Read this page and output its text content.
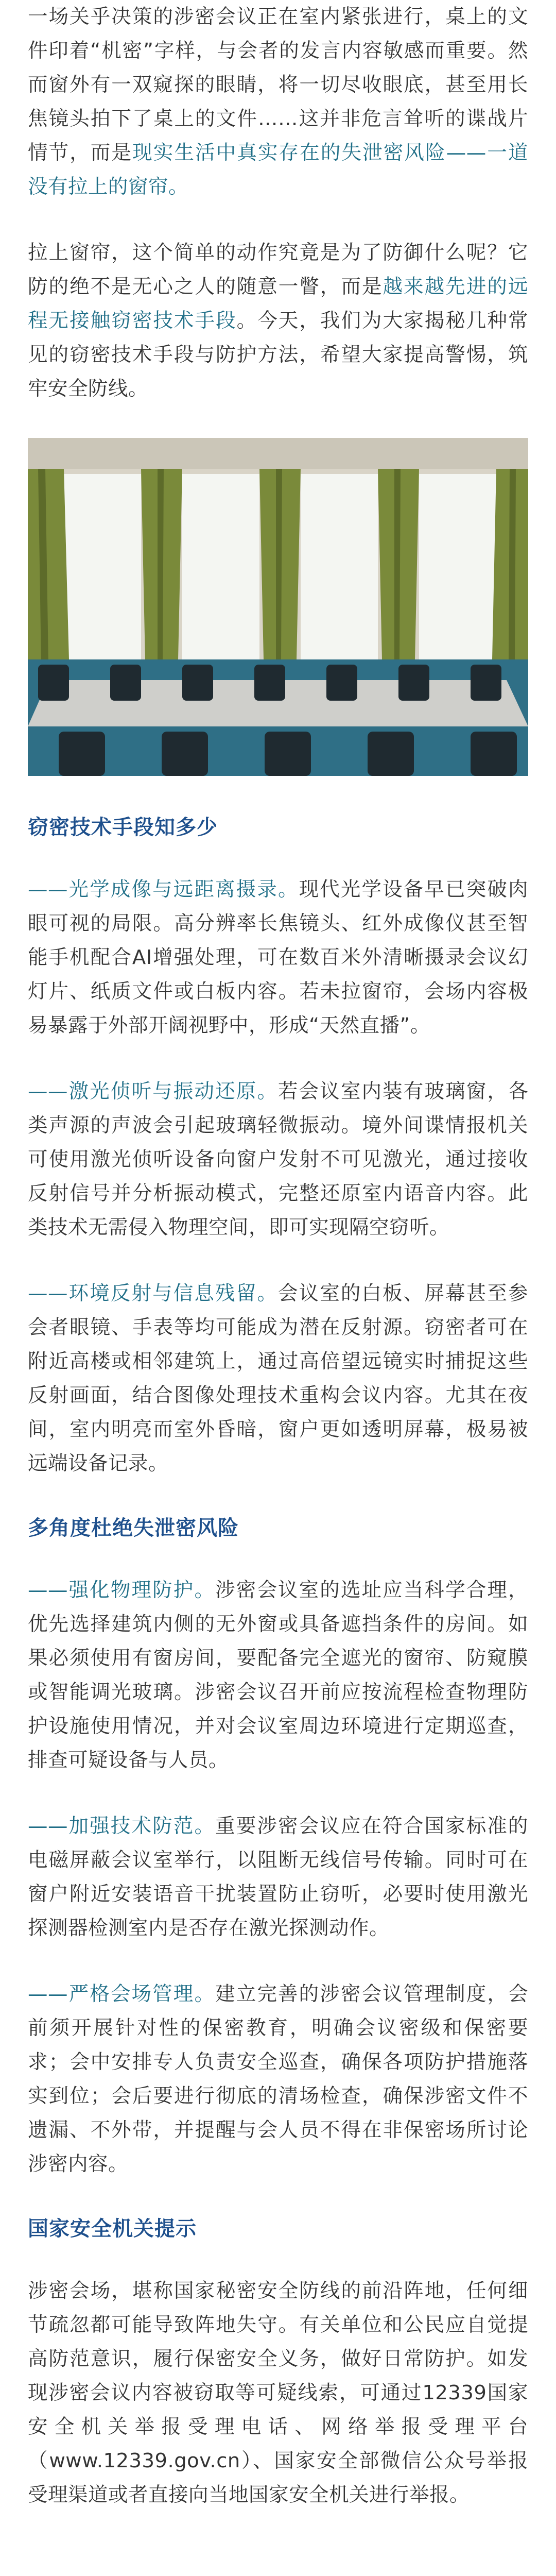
一场关乎决策的涉密会议正在室内紧张进行，桌上的文件印着“机密”字样，与会者的发言内容敏感而重要。然而窗外有一双窥探的眼睛，将一切尽收眼底，甚至用长焦镜头拍下了桌上的文件……这并非危言耸听的谍战片情节，而是现实生活中真实存在的失泄密风险——一道没有拉上的窗帘。

拉上窗帘，这个简单的动作究竟是为了防御什么呢？它防的绝不是无心之人的随意一瞥，而是越来越先进的远程无接触窃密技术手段。今天，我们为大家揭秘几种常见的窃密技术手段与防护方法，希望大家提高警惕，筑牢安全防线。

窃密技术手段知多少

——光学成像与远距离摄录。现代光学设备早已突破肉眼可视的局限。高分辨率长焦镜头、红外成像仪甚至智能手机配合AI增强处理，可在数百米外清晰摄录会议幻灯片、纸质文件或白板内容。若未拉窗帘，会场内容极易暴露于外部开阔视野中，形成“天然直播”。

——激光侦听与振动还原。若会议室内装有玻璃窗，各类声源的声波会引起玻璃轻微振动。境外间谍情报机关可使用激光侦听设备向窗户发射不可见激光，通过接收反射信号并分析振动模式，完整还原室内语音内容。此类技术无需侵入物理空间，即可实现隔空窃听。

——环境反射与信息残留。会议室的白板、屏幕甚至参会者眼镜、手表等均可能成为潜在反射源。窃密者可在附近高楼或相邻建筑上，通过高倍望远镜实时捕捉这些反射画面，结合图像处理技术重构会议内容。尤其在夜间，室内明亮而室外昏暗，窗户更如透明屏幕，极易被远端设备记录。

多角度杜绝失泄密风险

——强化物理防护。涉密会议室的选址应当科学合理，优先选择建筑内侧的无外窗或具备遮挡条件的房间。如果必须使用有窗房间，要配备完全遮光的窗帘、防窥膜或智能调光玻璃。涉密会议召开前应按流程检查物理防护设施使用情况，并对会议室周边环境进行定期巡查，排查可疑设备与人员。

——加强技术防范。重要涉密会议应在符合国家标准的电磁屏蔽会议室举行，以阻断无线信号传输。同时可在窗户附近安装语音干扰装置防止窃听，必要时使用激光探测器检测室内是否存在激光探测动作。

——严格会场管理。建立完善的涉密会议管理制度，会前须开展针对性的保密教育，明确会议密级和保密要求；会中安排专人负责安全巡查，确保各项防护措施落实到位；会后要进行彻底的清场检查，确保涉密文件不遗漏、不外带，并提醒与会人员不得在非保密场所讨论涉密内容。

国家安全机关提示

涉密会场，堪称国家秘密安全防线的前沿阵地，任何细节疏忽都可能导致阵地失守。有关单位和公民应自觉提高防范意识，履行保密安全义务，做好日常防护。如发现涉密会议内容被窃取等可疑线索，可通过12339国家安全机关举报受理电话、网络举报受理平台（www.12339.gov.cn）、国家安全部微信公众号举报受理渠道或者直接向当地国家安全机关进行举报。
